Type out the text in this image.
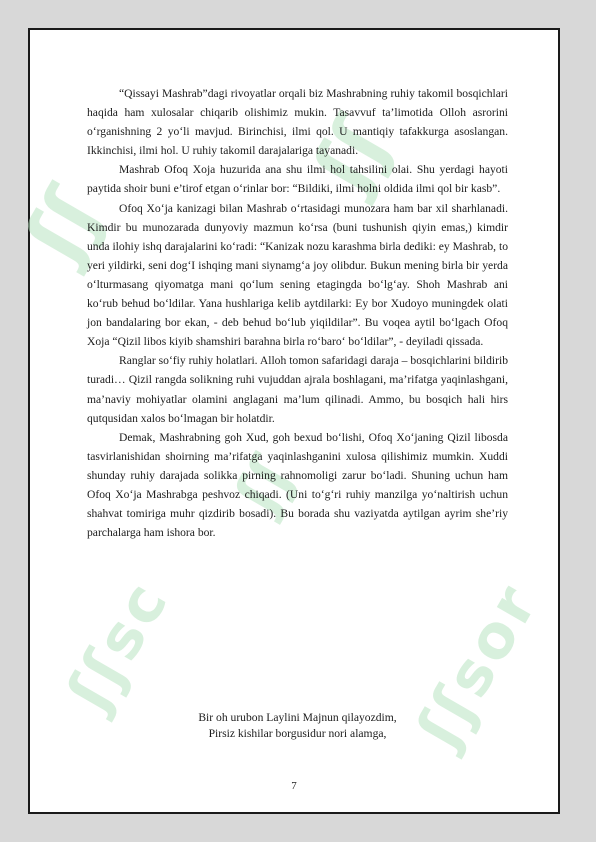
ʃʃ
ʃʃ
ʃʃsc	ʃʃsor
ʃʃ

“Qissayi Mashrab”dagi rivoyatlar orqali biz Mashrabning ruhiy takomil bosqichlari haqida ham xulosalar chiqarib olishimiz mukin. Tasavvuf ta’limotida Olloh asrorini o‘rganishning 2 yo‘li mavjud. Birinchisi, ilmi qol. U mantiqiy tafakkurga asoslangan. Ikkinchisi, ilmi hol. U ruhiy takomil darajalariga tayanadi.

Mashrab Ofoq Xoja huzurida ana shu ilmi hol tahsilini olai. Shu yerdagi hayoti paytida shoir buni e’tirof etgan o‘rinlar bor: “Bildiki, ilmi holni oldida ilmi qol bir kasb”.

Ofoq Xo‘ja kanizagi bilan Mashrab o‘rtasidagi munozara ham bar xil sharhlanadi. Kimdir bu munozarada dunyoviy mazmun ko‘rsa (buni tushunish qiyin emas,) kimdir unda ilohiy ishq darajalarini ko‘radi: “Kanizak nozu karashma birla dediki: ey Mashrab, to yeri yildirki, seni dog‘I ishqing mani siynamg‘a joy olibdur. Bukun mening birla bir yerda o‘lturmasang qiyomatga mani qo‘lum sening etagingda bo‘lg‘ay. Shoh Mashrab ani ko‘rub behud bo‘ldilar. Yana hushlariga kelib aytdilarki: Ey bor Xudoyo muningdek olati jon bandalaring bor ekan, - deb behud bo‘lub yiqildilar”. Bu voqea aytil bo‘lgach Ofoq Xoja “Qizil libos kiyib shamshiri barahna birla ro‘baro‘ bo‘ldilar”, - deyiladi qissada.

Ranglar so‘fiy ruhiy holatlari. Alloh tomon safaridagi daraja – bosqichlarini bildirib turadi… Qizil rangda solikning ruhi vujuddan ajrala boshlagani, ma’rifatga yaqinlashgani, ma’naviy mohiyatlar olamini anglagani ma’lum qilinadi. Ammo, bu bosqich hali hirs qutqusidan xalos bo‘lmagan bir holatdir.

Demak, Mashrabning goh Xud, goh bexud bo‘lishi, Ofoq Xo‘janing Qizil libosda tasvirlanishidan shoirning ma’rifatga yaqinlashganini xulosa qilishimiz mumkin. Xuddi shunday ruhiy darajada solikka pirning rahnomoligi zarur bo‘ladi. Shuning uchun ham Ofoq Xo‘ja Mashrabga peshvoz chiqadi. (Uni to‘g‘ri ruhiy manzilga yo‘naltirish uchun shahvat tomiriga muhr qizdirib bosadi). Bu borada shu vaziyatda aytilgan ayrim she’riy parchalarga ham ishora bor.

Bir oh urubon Laylini Majnun qilayozdim,
Pirsiz kishilar borgusidur nori alamga,
7
